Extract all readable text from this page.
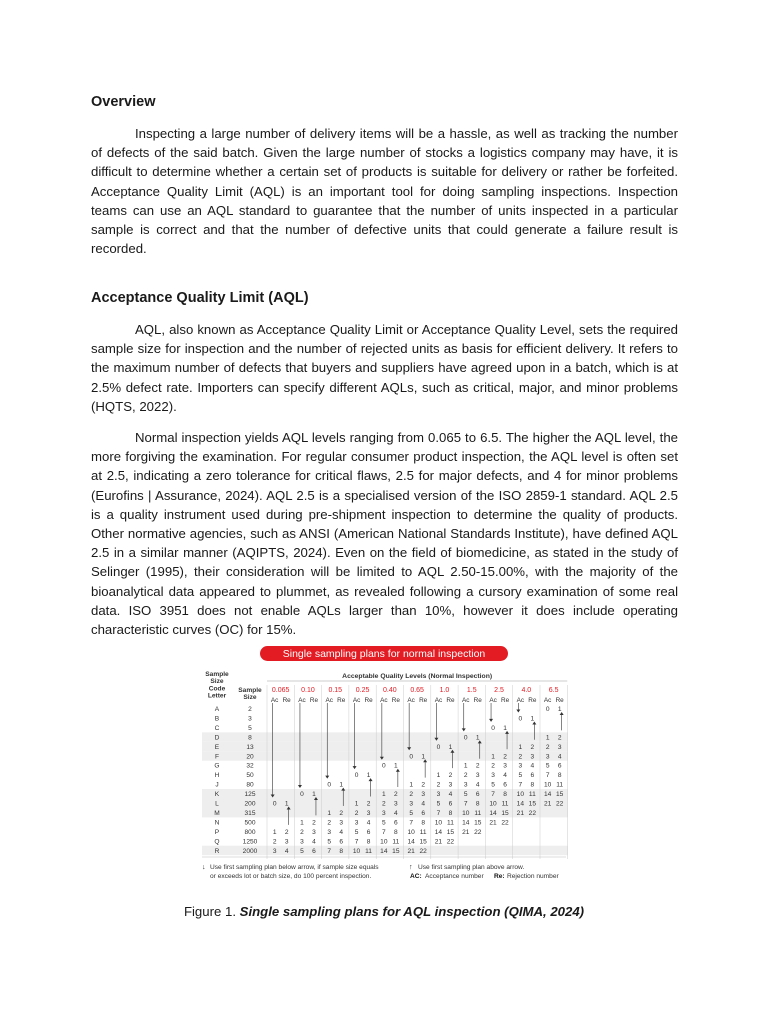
Overview

Inspecting a large number of delivery items will be a hassle, as well as tracking the number of defects of the said batch. Given the large number of stocks a logistics company may have, it is difficult to determine whether a certain set of products is suitable for delivery or rather be forfeited. Acceptance Quality Limit (AQL) is an important tool for doing sampling inspections. Inspection teams can use an AQL standard to guarantee that the number of units inspected in a particular sample is correct and that the number of defective units that could generate a failure result is recorded.

Acceptance Quality Limit (AQL)

AQL, also known as Acceptance Quality Limit or Acceptance Quality Level, sets the required sample size for inspection and the number of rejected units as basis for efficient delivery. It refers to the maximum number of defects that buyers and suppliers have agreed upon in a batch, which is at 2.5% defect rate. Importers can specify different AQLs, such as critical, major, and minor problems (HQTS, 2022).

Normal inspection yields AQL levels ranging from 0.065 to 6.5. The higher the AQL level, the more forgiving the examination. For regular consumer product inspection, the AQL level is often set at 2.5, indicating a zero tolerance for critical flaws, 2.5 for major defects, and 4 for minor problems (Eurofins | Assurance, 2024). AQL 2.5 is a specialised version of the ISO 2859-1 standard. AQL 2.5 is a quality instrument used during pre-shipment inspection to determine the quality of products. Other normative agencies, such as ANSI (American National Standards Institute), have defined AQL 2.5 in a similar manner (AQIPTS, 2024). Even on the field of biomedicine, as stated in the study of Selinger (1995), their consideration will be limited to AQL 2.50-15.00%, with the majority of the bioanalytical data appeared to plummet, as revealed following a cursory examination of some real data. ISO 3951 does not enable AQLs larger than 10%, however it does include operating characteristic curves (OC) for 15%.

Single sampling plans for normal inspection
Sample
Size
Code
Letter
Sample
Size
Acceptable Quality Levels (Normal Inspection)
0.065
Ac Re
0.10
Ac Re
0.15
Ac Re
0.25
Ac Re
0.40
Ac Re
0.65
Ac Re
1.0
Ac Re
1.5
Ac Re
2.5
Ac Re
4.0
Ac Re
6.5
Ac Re
A
B
C
D
E
F
G
H
J
K
L
M
N
P
Q
R
2
3
5
8
13
20
32
50
80
125
200
315
500
800
1250
2000
1 2
2 3
3 4
1 2
2 3
3 4
5 6
1 2
2 3
3 4
5 6
7 8
1 2
2 3
3 4
5 6
7 8
10 11
1 2
2 3
3 4
5 6
7 8
10 11
14 15
1 2
2 3
3 4
5 6
7 8
10 11
14 15
21 22
1 2
2 3
3 4
5 6
7 8
10 11
14 15
21 22
1 2
2 3
3 4
5 6
7 8
10 11
14 15
21 22
1 2
2 3
3 4
5 6
7 8
10 11
14 15
21 22
1 2
2 3
3 4
5 6
7 8
10 11
14 15
21 22
1 2
2 3
3 4
5 6
7 8
10 11
14 15
21 22
0 1
0 1
0 1
0 1
0 1
0 1
0 1
0 1
0 1
0 1
0 1
↓ Use first sampling plan below arrow, if sample size equals
or exceeds lot or batch size, do 100 percent inspection.
↑ Use first sampling plan above arrow.
AC: Acceptance number Re: Rejection number

Figure 1. Single sampling plans for AQL inspection (QIMA, 2024)
